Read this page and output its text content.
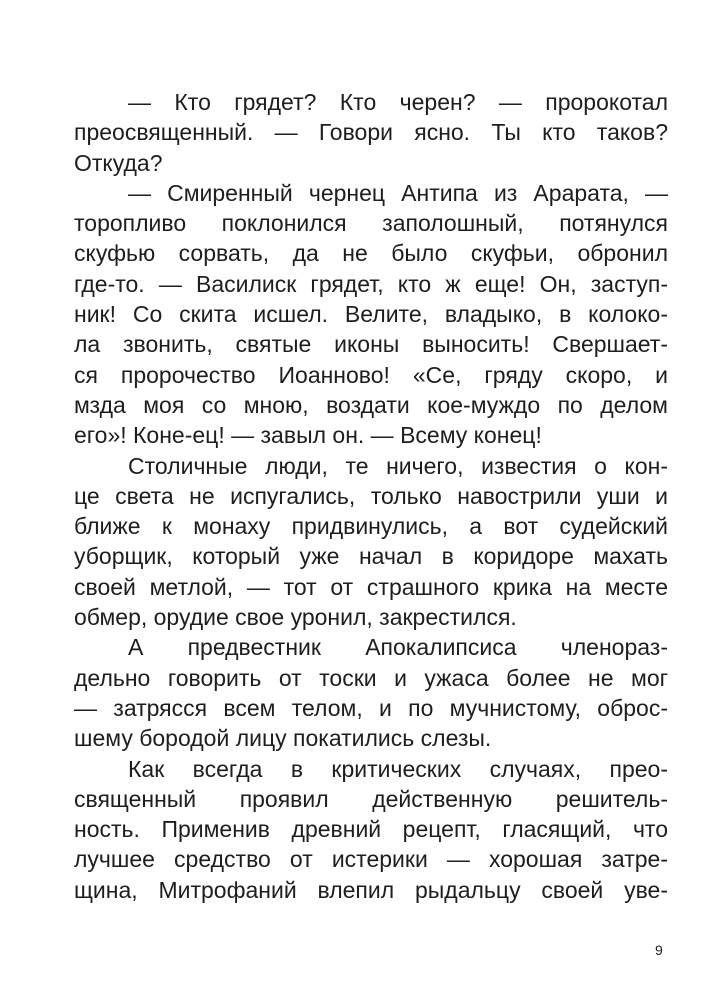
— Кто грядет? Кто черен? — пророкотал
преосвященный. — Говори ясно. Ты кто таков?
Откуда?
— Смиренный чернец Антипа из Арарата, —
торопливо поклонился заполошный, потянулся
скуфью сорвать, да не было скуфьи, обронил
где-то. — Василиск грядет, кто ж еще! Он, заступ-
ник! Со скита исшел. Велите, владыко, в колоко-
ла звонить, святые иконы выносить! Свершает-
ся пророчество Иоанново! «Се, гряду скоро, и
мзда моя со мною, воздати кое-муждо по делом
его»! Коне-ец! — завыл он. — Всему конец!
Столичные люди, те ничего, известия о кон-
це света не испугались, только навострили уши и
ближе к монаху придвинулись, а вот судейский
уборщик, который уже начал в коридоре махать
своей метлой, — тот от страшного крика на месте
обмер, орудие свое уронил, закрестился.
А предвестник Апокалипсиса членораз-
дельно говорить от тоски и ужаса более не мог
— затрясся всем телом, и по мучнистому, оброс-
шему бородой лицу покатились слезы.
Как всегда в критических случаях, прео-
священный проявил действенную решитель-
ность. Применив древний рецепт, гласящий, что
лучшее средство от истерики — хорошая затре-
щина, Митрофаний влепил рыдальцу своей уве-
9
